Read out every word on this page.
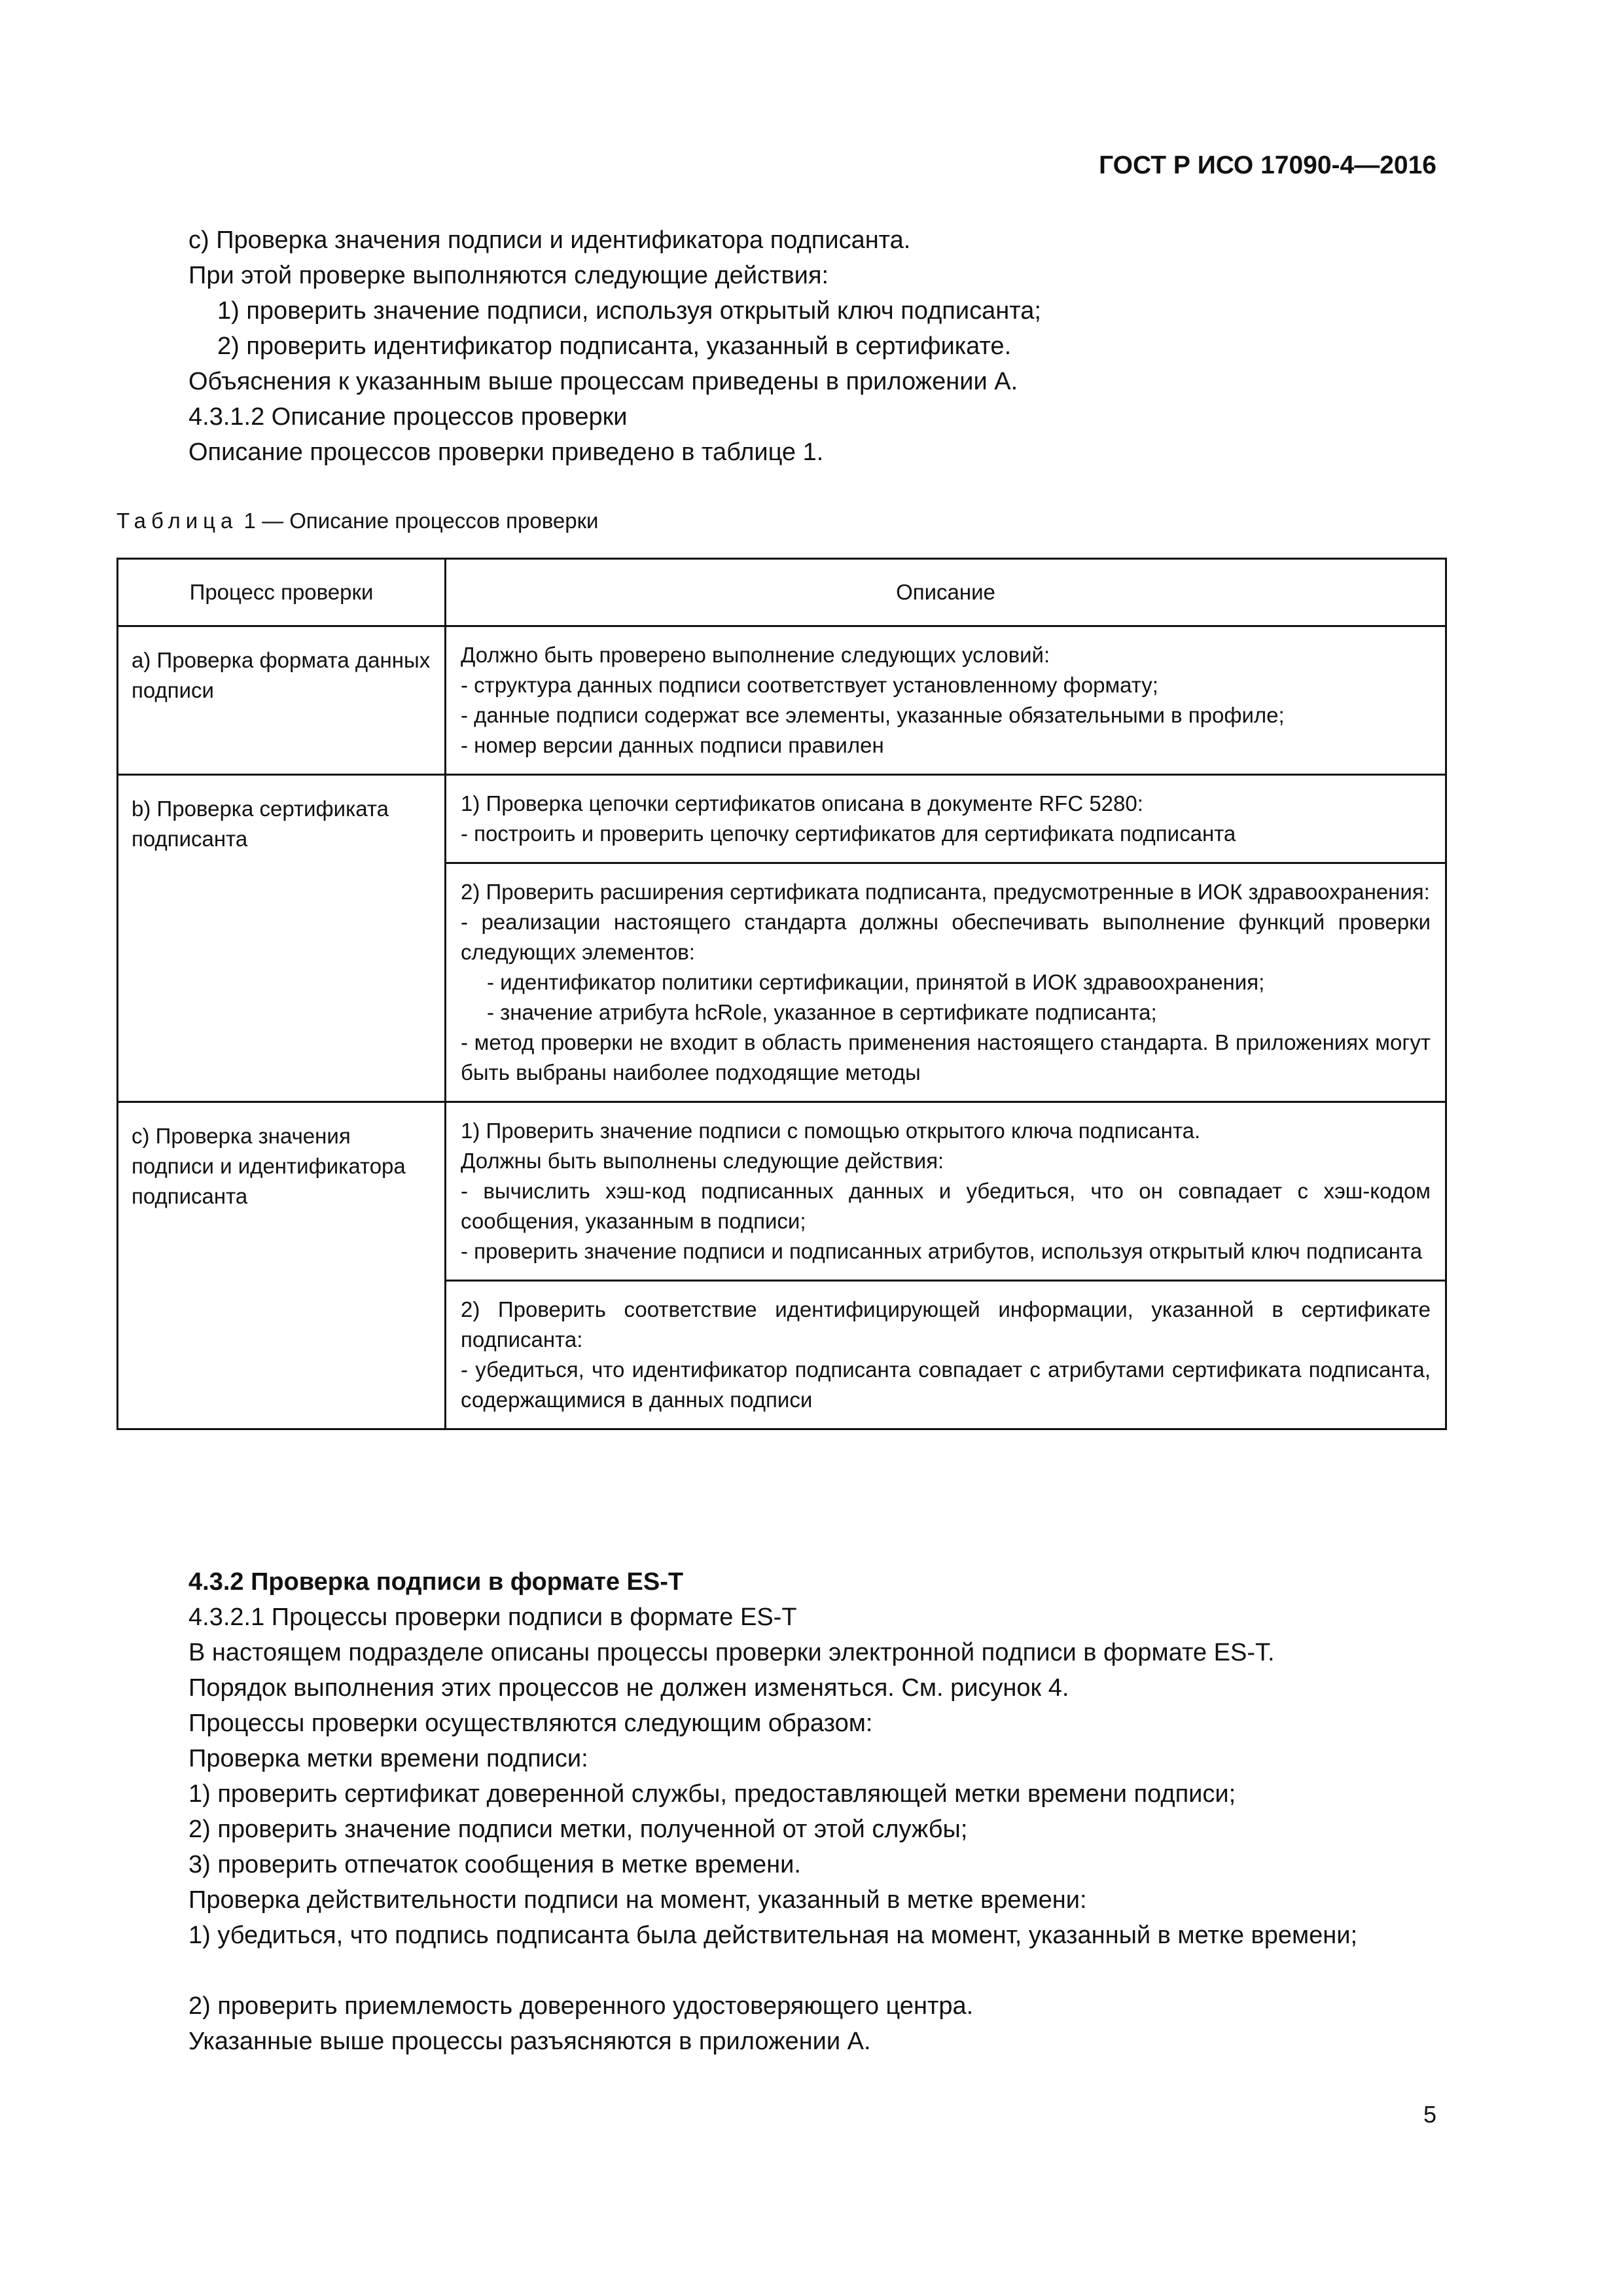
ГОСТ Р ИСО 17090-4—2016
c) Проверка значения подписи и идентификатора подписанта.
При этой проверке выполняются следующие действия:
1) проверить значение подписи, используя открытый ключ подписанта;
2) проверить идентификатор подписанта, указанный в сертификате.
Объяснения к указанным выше процессам приведены в приложении А.
4.3.1.2 Описание процессов проверки
Описание процессов проверки приведено в таблице 1.
Таблица 1 — Описание процессов проверки
Процесс проверки	Описание
а) Проверка формата данных подписи	Должно быть проверено выполнение следующих условий:
- структура данных подписи соответствует установленному формату;
- данные подписи содержат все элементы, указанные обязательными в профиле;
- номер версии данных подписи правилен

b) Проверка сертификата подписанта	1) Проверка цепочки сертификатов описана в документе RFC 5280:
- построить и проверить цепочку сертификатов для сертификата подписанта

	2) Проверить расширения сертификата подписанта, предусмотренные в ИОК здравоохранения:
- реализации настоящего стандарта должны обеспечивать выполнение функций проверки следующих элементов:
- идентификатор политики сертификации, принятой в ИОК здравоохранения;
- значение атрибута hcRole, указанное в сертификате подписанта;
- метод проверки не входит в область применения настоящего стандарта. В приложениях могут быть выбраны наиболее подходящие методы

c) Проверка значения подписи и идентификатора подписанта	1) Проверить значение подписи с помощью открытого ключа подписанта.
Должны быть выполнены следующие действия:
- вычислить хэш-код подписанных данных и убедиться, что он совпадает с хэш-кодом сообщения, указанным в подписи;
- проверить значение подписи и подписанных атрибутов, используя открытый ключ подписанта

	2) Проверить соответствие идентифицирующей информации, указанной в сертификате подписанта:
- убедиться, что идентификатор подписанта совпадает с атрибутами сертификата подписанта, содержащимися в данных подписи
4.3.2 Проверка подписи в формате ES-T
4.3.2.1 Процессы проверки подписи в формате ES-T
В настоящем подразделе описаны процессы проверки электронной подписи в формате ES-T.
Порядок выполнения этих процессов не должен изменяться. См. рисунок 4.
Процессы проверки осуществляются следующим образом:
Проверка метки времени подписи:
1) проверить сертификат доверенной службы, предоставляющей метки времени подписи;
2) проверить значение подписи метки, полученной от этой службы;
3) проверить отпечаток сообщения в метке времени.
Проверка действительности подписи на момент, указанный в метке времени:
1) убедиться, что подпись подписанта была действительная на момент, указанный в метке времени;
2) проверить приемлемость доверенного удостоверяющего центра.
Указанные выше процессы разъясняются в приложении А.
5
